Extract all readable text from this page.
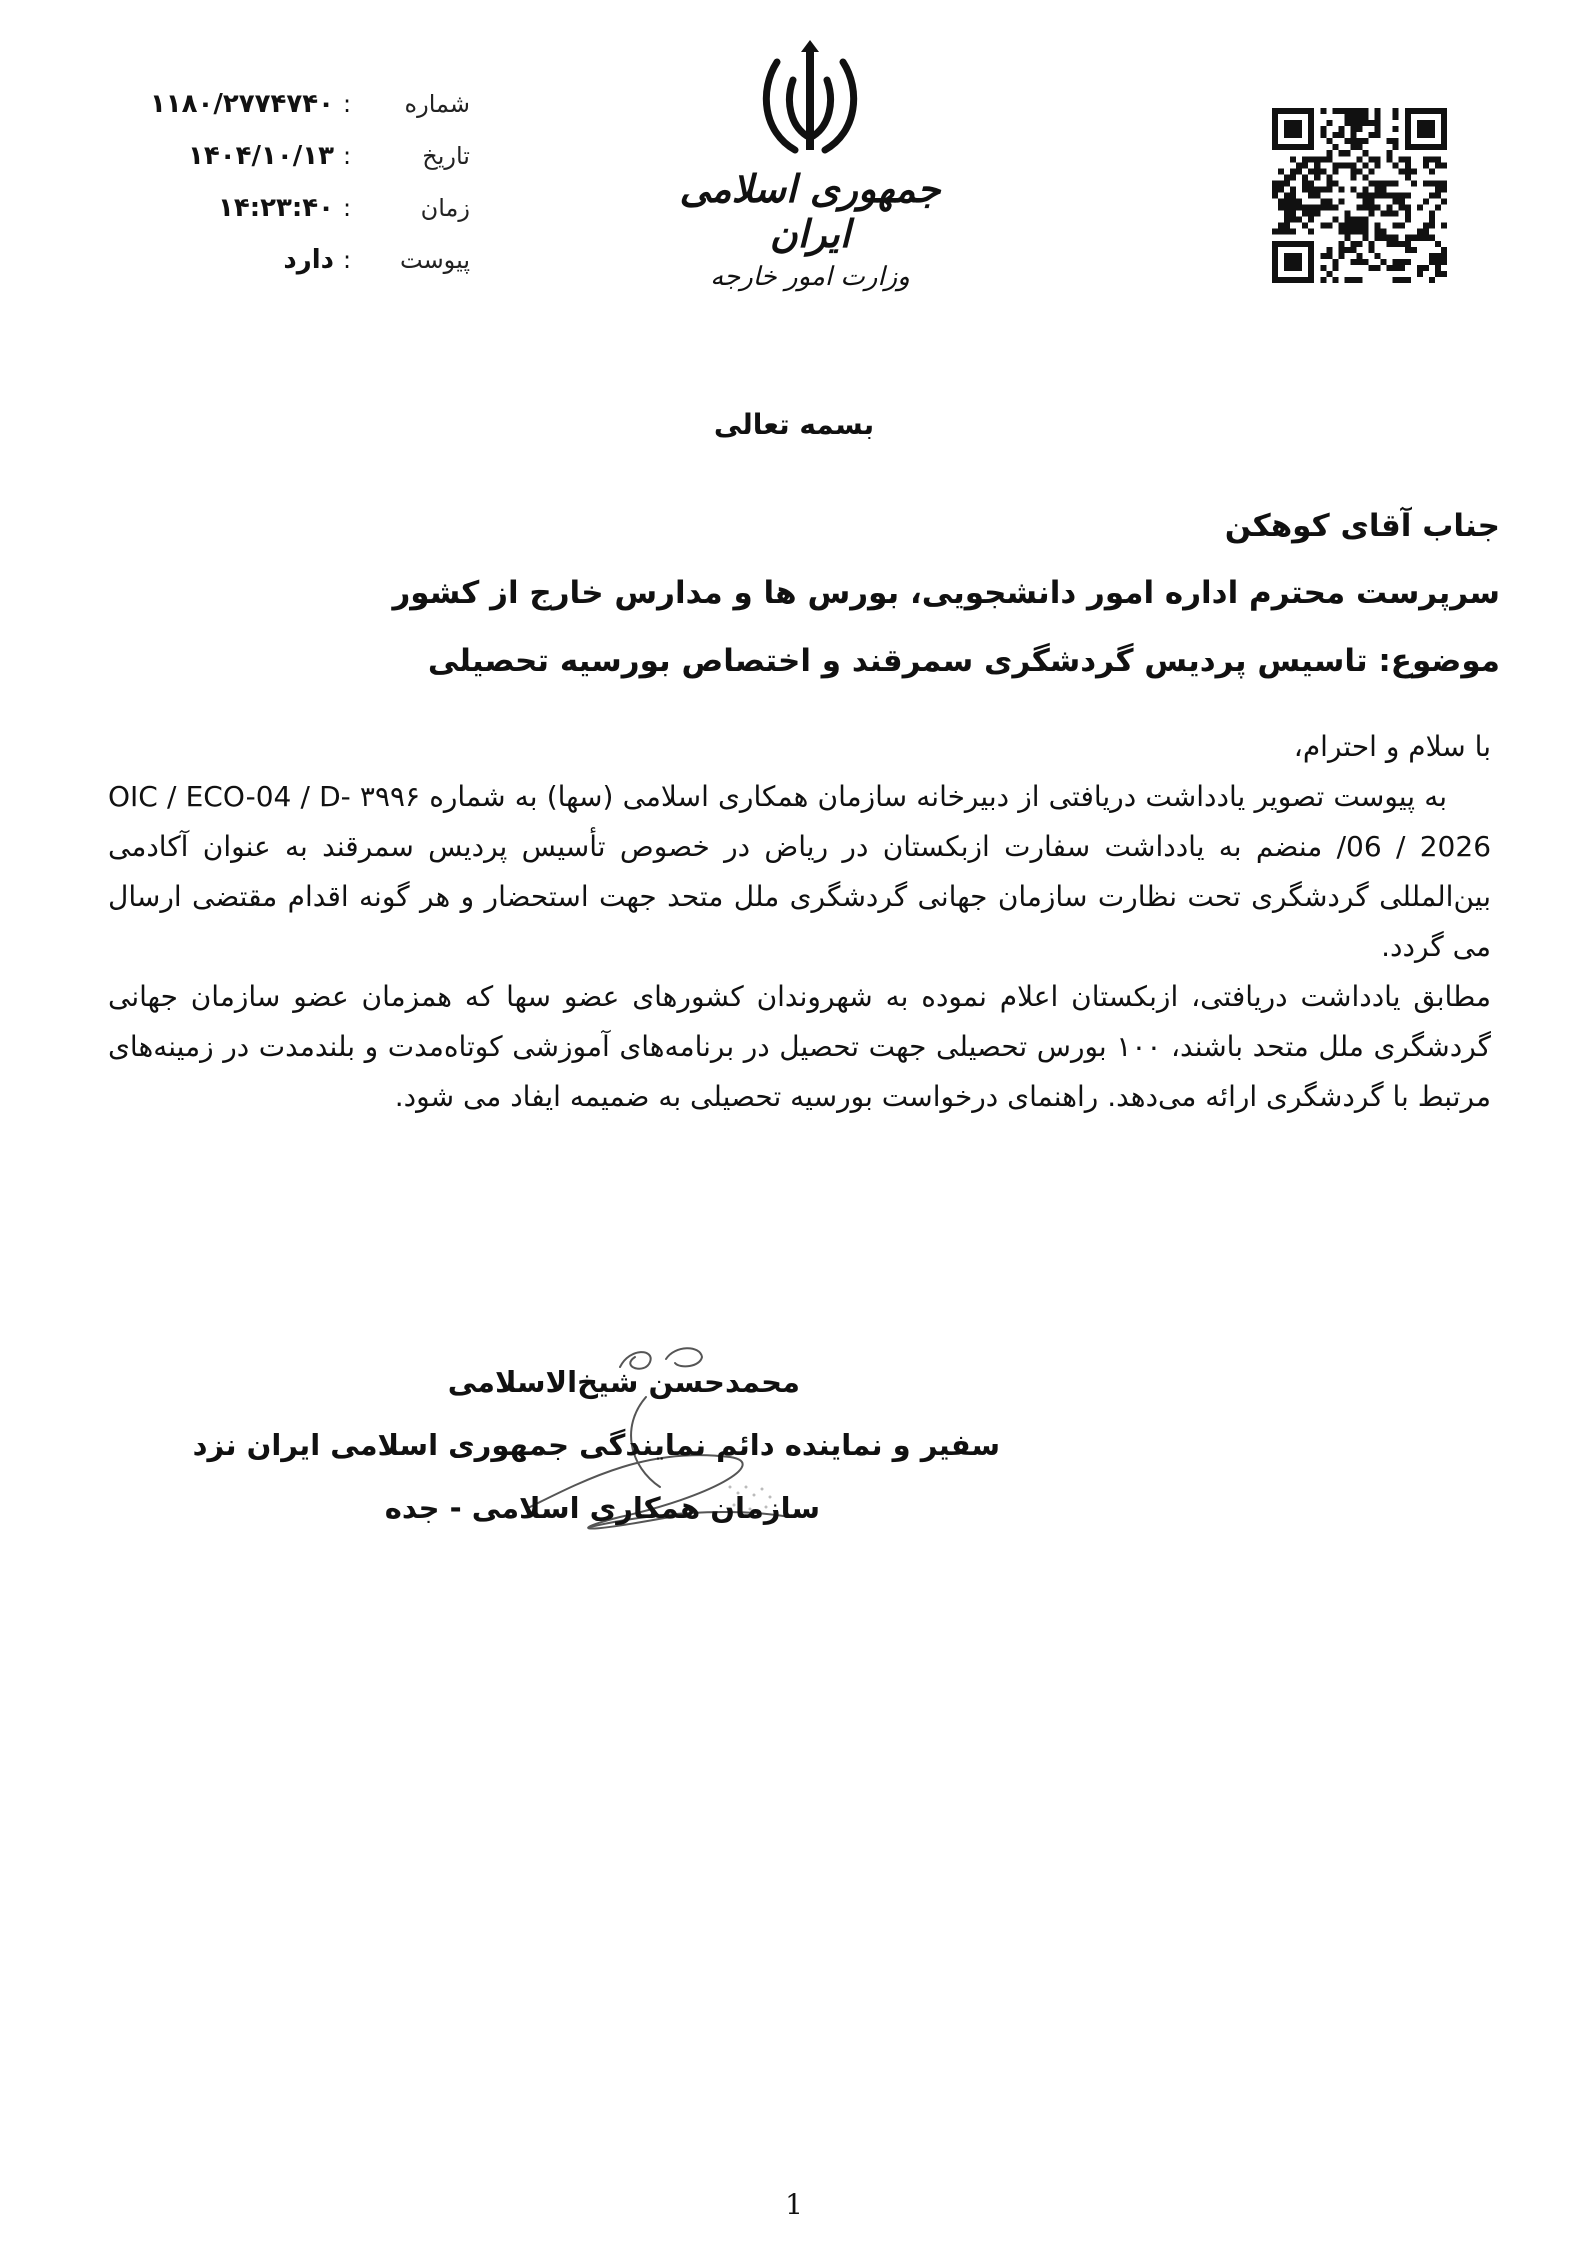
شماره
:
۱۱۸۰/۲۷۷۴۷۴۰
تاریخ
:
۱۴۰۴/۱۰/۱۳
زمان
:
۱۴:۲۳:۴۰
پیوست
:
دارد
جمهوری اسلامی ایران
وزارت امور خارجه
بسمه تعالی
جناب آقای کوهکن
سرپرست محترم اداره امور دانشجویی، بورس ها و مدارس خارج از کشور
موضوع: تاسیس پردیس گردشگری سمرقند و اختصاص بورسیه تحصیلی

با سلام و احترام،

به پیوست تصویر یادداشت دریافتی از دبیرخانه سازمان همکاری اسلامی (سها) به شماره ۳۹۹۶ OIC / ECO-04 / D-06 / 2026/ منضم به یادداشت سفارت ازبکستان در ریاض در خصوص تأسیس پردیس سمرقند به عنوان آکادمی بین‌المللی گردشگری تحت نظارت سازمان جهانی گردشگری ملل متحد جهت استحضار و هر گونه اقدام مقتضی ارسال می گردد.

مطابق یادداشت دریافتی، ازبکستان اعلام نموده به شهروندان کشورهای عضو سها که همزمان عضو سازمان جهانی گردشگری ملل متحد باشند، ۱۰۰ بورس تحصیلی جهت تحصیل در برنامه‌های آموزشی کوتاه‌مدت و بلندمدت در زمینه‌های مرتبط با گردشگری ارائه می‌دهد. راهنمای درخواست بورسیه تحصیلی به ضمیمه ایفاد می شود.

محمدحسن شیخ‌الاسلامی
سفیر و نماینده دائم نمایندگی جمهوری اسلامی ایران نزد
سازمان همکاری اسلامی - جده
1
